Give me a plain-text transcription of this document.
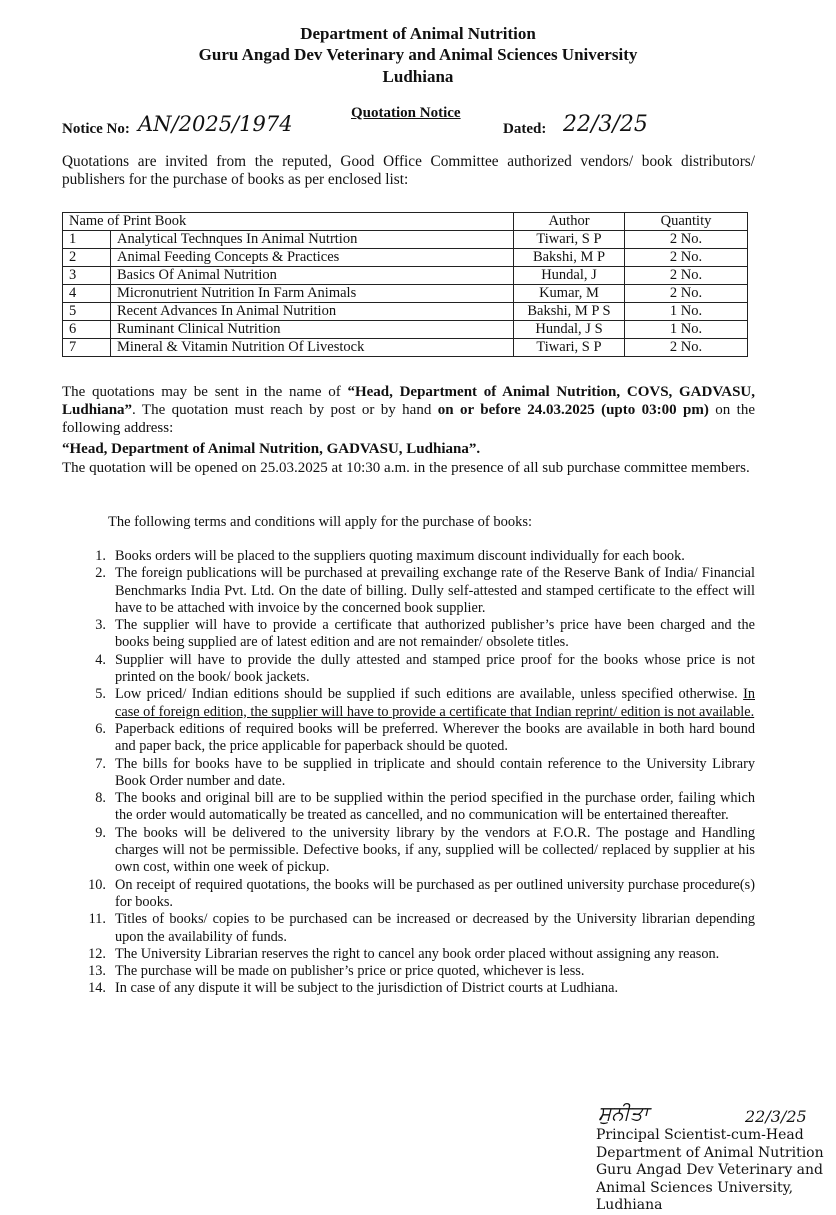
Department of Animal Nutrition
Guru Angad Dev Veterinary and Animal Sciences University
Ludhiana
Quotation Notice
Notice No: AN/2025/1974	Dated: 22/3/25
Quotations are invited from the reputed, Good Office Committee authorized vendors/ book distributors/ publishers for the purchase of books as per enclosed list:
Name of Print Book		Author	Quantity
1	Analytical Technques In Animal Nutrtion	Tiwari, S P	2 No.
2	Animal Feeding Concepts & Practices	Bakshi, M P	2 No.
3	Basics Of Animal Nutrition	Hundal, J	2 No.
4	Micronutrient Nutrition In Farm Animals	Kumar, M	2 No.
5	Recent Advances In Animal Nutrition	Bakshi, M P S	1 No.
6	Ruminant Clinical Nutrition	Hundal, J S	1 No.
7	Mineral & Vitamin Nutrition Of Livestock	Tiwari, S P	2 No.
The quotations may be sent in the name of “Head, Department of Animal Nutrition, COVS, GADVASU, Ludhiana”. The quotation must reach by post or by hand on or before 24.03.2025 (upto 03:00 pm) on the following address:
“Head, Department of Animal Nutrition, GADVASU, Ludhiana”.
The quotation will be opened on 25.03.2025 at 10:30 a.m. in the presence of all sub purchase committee members.
The following terms and conditions will apply for the purchase of books:
1. Books orders will be placed to the suppliers quoting maximum discount individually for each book.
2. The foreign publications will be purchased at prevailing exchange rate of the Reserve Bank of India/ Financial Benchmarks India Pvt. Ltd. On the date of billing. Dully self-attested and stamped certificate to the effect will have to be attached with invoice by the concerned book supplier.
3. The supplier will have to provide a certificate that authorized publisher’s price have been charged and the books being supplied are of latest edition and are not remainder/ obsolete titles.
4. Supplier will have to provide the dully attested and stamped price proof for the books whose price is not printed on the book/ book jackets.
5. Low priced/ Indian editions should be supplied if such editions are available, unless specified otherwise. In case of foreign edition, the supplier will have to provide a certificate that Indian reprint/ edition is not available.
6. Paperback editions of required books will be preferred. Wherever the books are available in both hard bound and paper back, the price applicable for paperback should be quoted.
7. The bills for books have to be supplied in triplicate and should contain reference to the University Library Book Order number and date.
8. The books and original bill are to be supplied within the period specified in the purchase order, failing which the order would automatically be treated as cancelled, and no communication will be entertained thereafter.
9. The books will be delivered to the university library by the vendors at F.O.R. The postage and Handling charges will not be permissible. Defective books, if any, supplied will be collected/ replaced by supplier at his own cost, within one week of pickup.
10. On receipt of required quotations, the books will be purchased as per outlined university purchase procedure(s) for books.
11. Titles of books/ copies to be purchased can be increased or decreased by the University librarian depending upon the availability of funds.
12. The University Librarian reserves the right to cancel any book order placed without assigning any reason.
13. The purchase will be made on publisher’s price or price quoted, whichever is less.
14. In case of any dispute it will be subject to the jurisdiction of District courts at Ludhiana.
ਸੁਨੀਤਾ	22/3/25
Principal Scientist-cum-Head
Department of Animal Nutrition
Guru Angad Dev Veterinary and
Animal Sciences University,
Ludhiana
